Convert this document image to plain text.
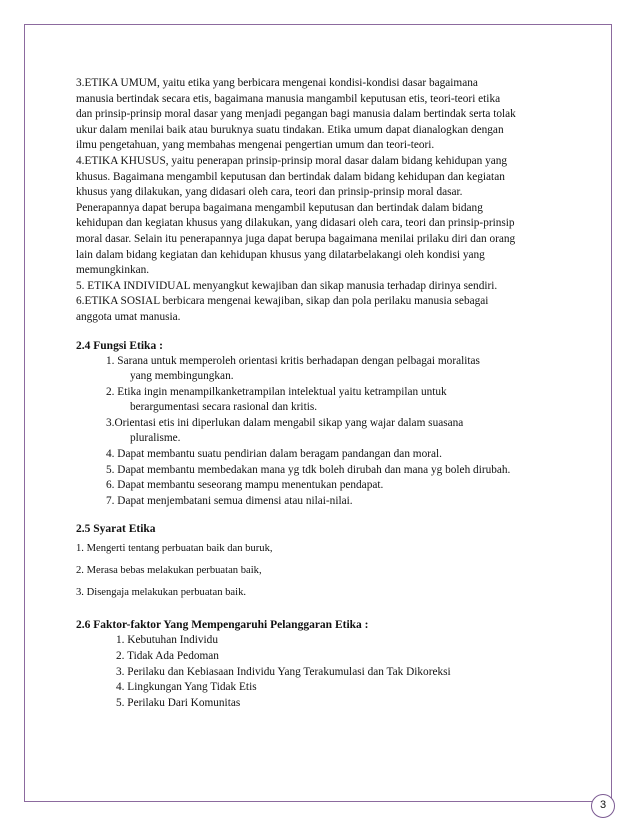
3.ETIKA UMUM, yaitu etika yang berbicara mengenai kondisi-kondisi dasar bagaimana

manusia bertindak secara etis, bagaimana manusia mangambil keputusan etis, teori-teori etika

dan prinsip-prinsip moral dasar yang menjadi pegangan bagi manusia dalam bertindak serta tolak

ukur dalam menilai baik atau buruknya suatu tindakan. Etika umum dapat dianalogkan dengan

ilmu pengetahuan, yang membahas mengenai pengertian umum dan teori-teori.

4.ETIKA KHUSUS, yaitu penerapan prinsip-prinsip moral dasar dalam bidang kehidupan yang

khusus. Bagaimana mengambil keputusan dan bertindak dalam bidang kehidupan dan kegiatan

khusus yang dilakukan, yang didasari oleh cara, teori dan prinsip-prinsip moral dasar.

Penerapannya dapat berupa bagaimana mengambil keputusan dan bertindak dalam bidang

kehidupan dan kegiatan khusus yang dilakukan, yang didasari oleh cara, teori dan prinsip-prinsip

moral dasar. Selain itu penerapannya juga dapat berupa bagaimana menilai prilaku diri dan orang

lain dalam bidang kegiatan dan kehidupan khusus yang dilatarbelakangi oleh kondisi yang

memungkinkan.

5. ETIKA INDIVIDUAL menyangkut kewajiban dan sikap manusia terhadap dirinya sendiri.

6.ETIKA SOSIAL berbicara mengenai kewajiban, sikap dan pola perilaku manusia sebagai

anggota umat manusia.

2.4 Fungsi Etika :
1. Sarana untuk memperoleh orientasi kritis berhadapan dengan pelbagai moralitas
yang membingungkan.
2. Etika ingin menampilkanketrampilan intelektual yaitu ketrampilan untuk
berargumentasi secara rasional dan kritis.
3.Orientasi etis ini diperlukan dalam mengabil sikap yang wajar dalam suasana
pluralisme.
4. Dapat membantu suatu pendirian dalam beragam pandangan dan moral.
5. Dapat membantu membedakan mana yg tdk boleh dirubah dan mana yg boleh dirubah.
6. Dapat membantu seseorang mampu menentukan pendapat.
7. Dapat menjembatani semua dimensi atau nilai-nilai.
2.5 Syarat Etika

1. Mengerti tentang perbuatan baik dan buruk,

2. Merasa bebas melakukan perbuatan baik,

3. Disengaja melakukan perbuatan baik.

2.6 Faktor-faktor Yang Mempengaruhi Pelanggaran Etika :
1. Kebutuhan Individu
2. Tidak Ada Pedoman
3. Perilaku dan Kebiasaan Individu Yang Terakumulasi dan Tak Dikoreksi
4. Lingkungan Yang Tidak Etis
5. Perilaku Dari Komunitas
3
